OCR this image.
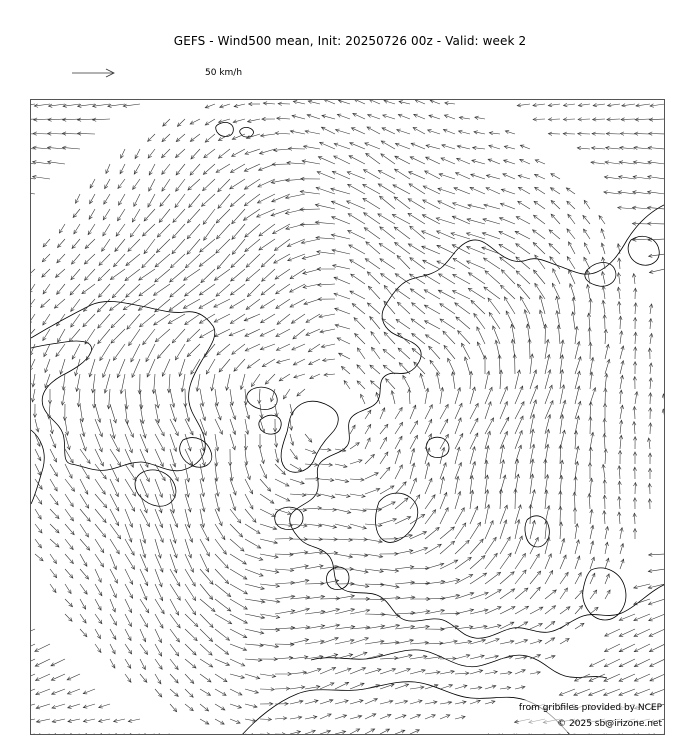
GEFS - Wind500 mean, Init: 20250726 00z - Valid: week 2
50 km/h
from gribfiles provided by NCEP
© 2025 sb@irizone.net
